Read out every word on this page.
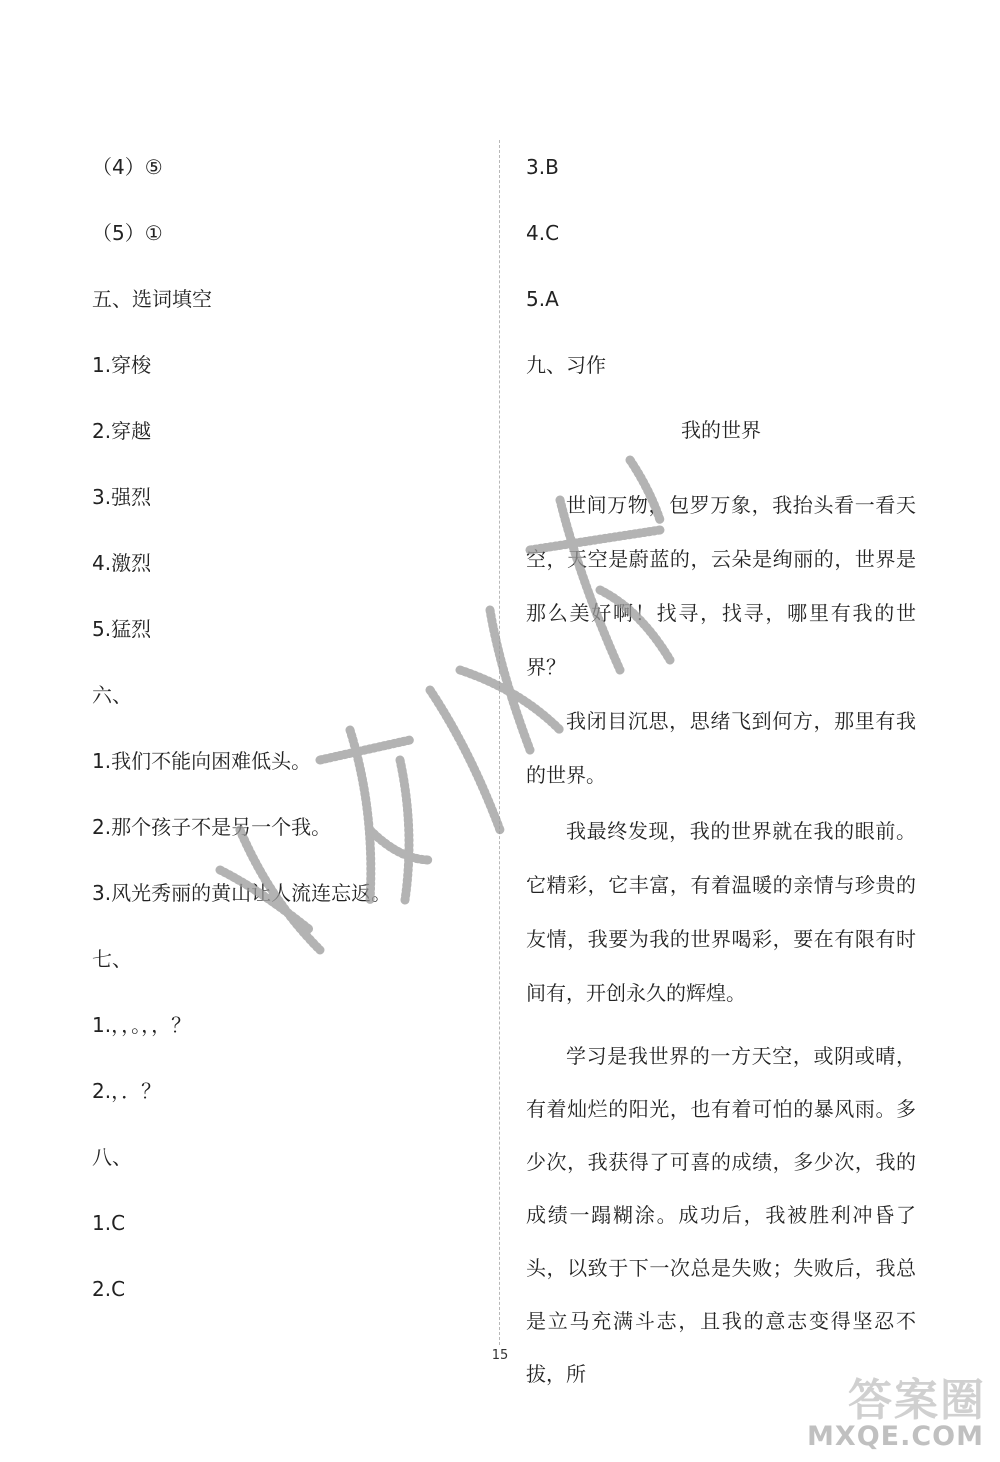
（4）⑤
（5）①
五、选词填空
1.穿梭
2.穿越
3.强烈
4.激烈
5.猛烈
六、
1.我们不能向困难低头。
2.那个孩子不是另一个我。
3.风光秀丽的黄山让人流连忘返。
七、
1.，，。，，？
2.，．？
八、
1.C
2.C
3.B
4.C
5.A
九、习作
我的世界

世间万物，包罗万象，我抬头看一看天空，天空是蔚蓝的，云朵是绚丽的，世界是那么美好啊！找寻，找寻，哪里有我的世界？

我闭目沉思，思绪飞到何方，那里有我的世界。

我最终发现，我的世界就在我的眼前。它精彩，它丰富，有着温暖的亲情与珍贵的友情，我要为我的世界喝彩，要在有限有时间有，开创永久的辉煌。

学习是我世界的一方天空，或阴或晴，有着灿烂的阳光，也有着可怕的暴风雨。多少次，我获得了可喜的成绩，多少次，我的成绩一蹋糊涂。成功后，我被胜利冲昏了头，以致于下一次总是失败；失败后，我总是立马充满斗志，且我的意志变得坚忍不拔，所

15
答案圈
MXQE.COM
